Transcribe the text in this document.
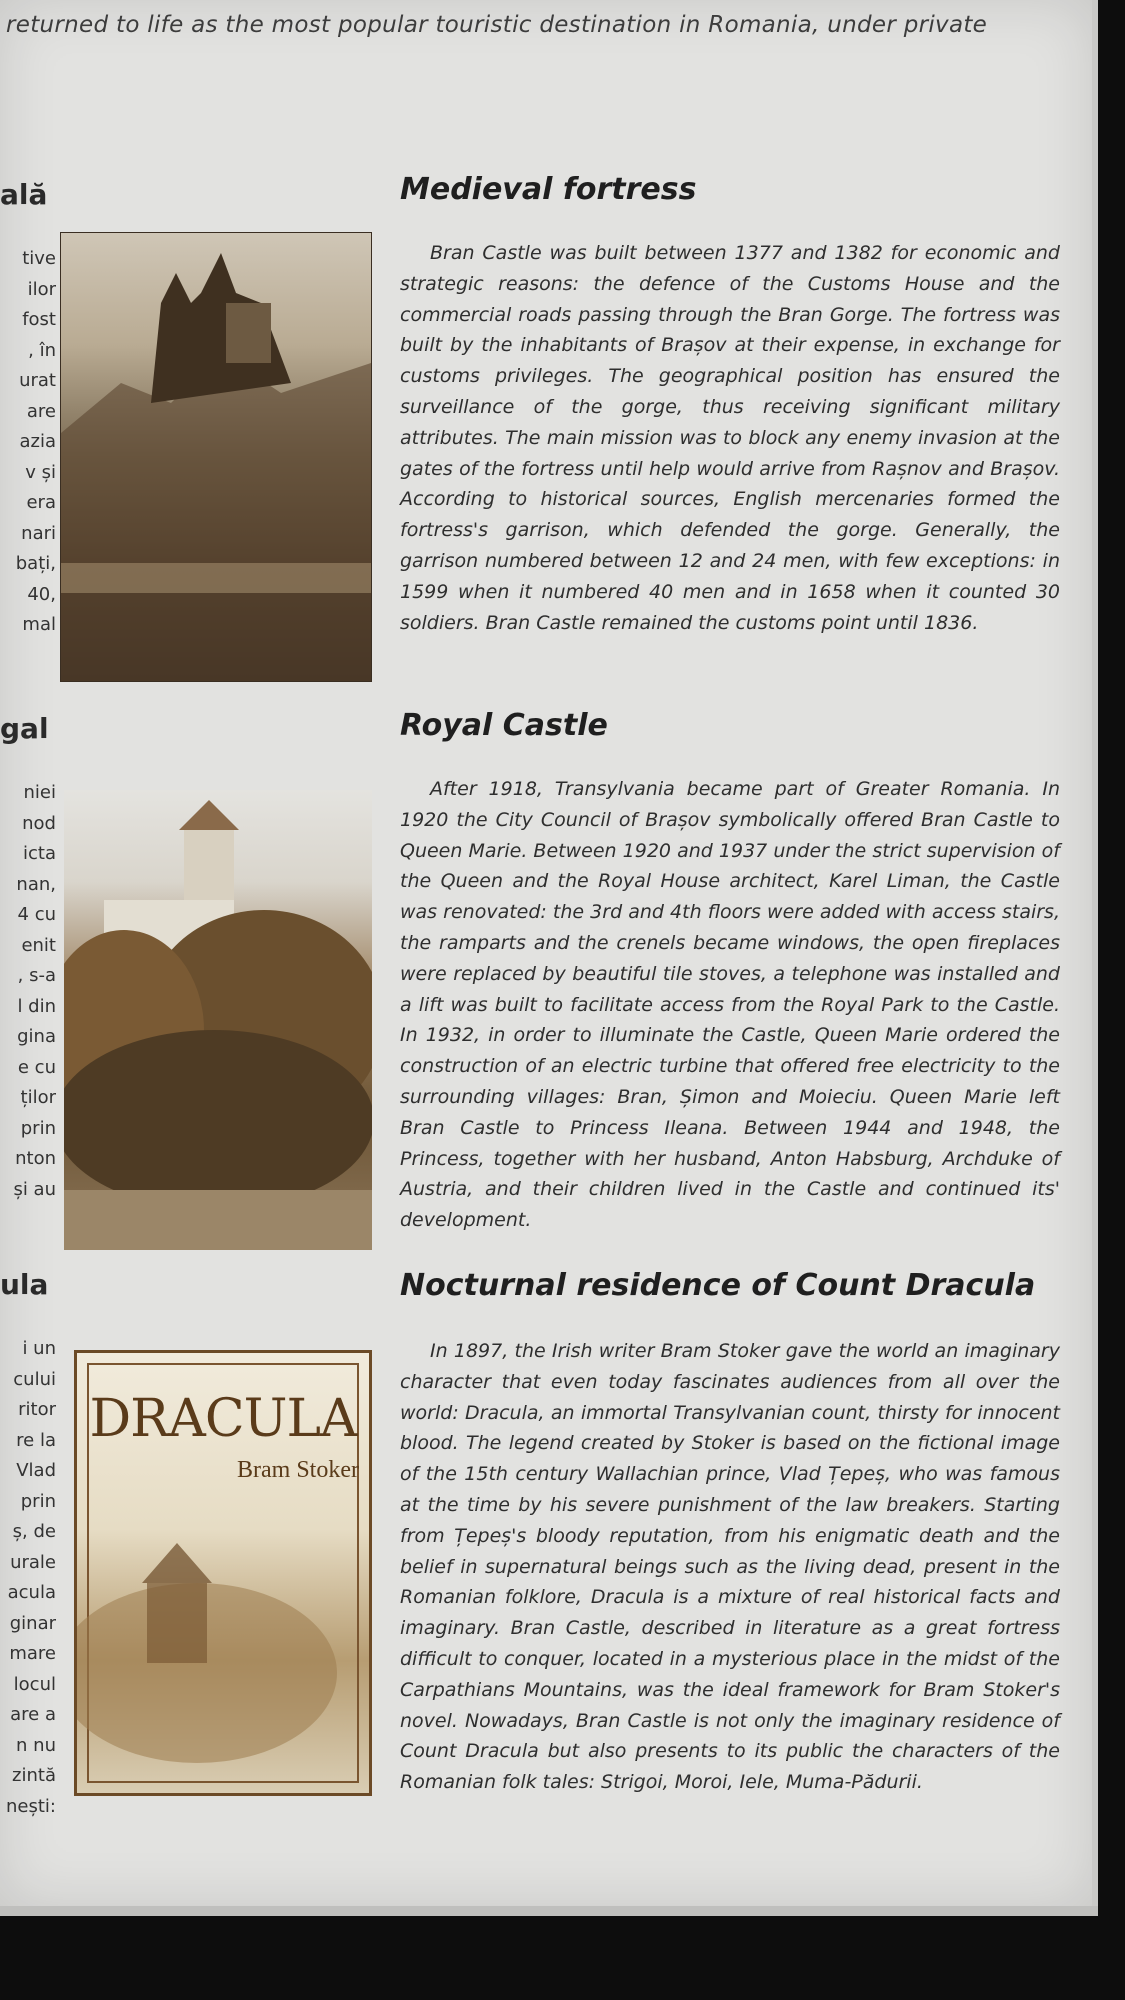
returned to life as the most popular touristic destination in Romania, under private
ală
tive
ilor
fost
, în
urat
are
azia
v și
era
nari
bați,
40,
mal
gal
niei
nod
icta
nan,
4 cu
enit
, s-a
l din
gina
e cu
ților
prin
nton
și au
ula
i un
cului
ritor
re la
Vlad
prin
ș, de
urale
acula
ginar
mare
locul
are a
n nu
zintă
nești:
DRACULA
Bram Stoker
Medieval fortress
Bran Castle was built between 1377 and 1382 for economic and strategic reasons: the defence of the Customs House and the commercial roads passing through the Bran Gorge. The fortress was built by the inhabitants of Brașov at their expense, in exchange for customs privileges. The geographical position has ensured the surveillance of the gorge, thus receiving significant military attributes. The main mission was to block any enemy invasion at the gates of the fortress until help would arrive from Rașnov and Brașov. According to historical sources, English mercenaries formed the fortress's garrison, which defended the gorge. Generally, the garrison numbered between 12 and 24 men, with few exceptions: in 1599 when it numbered 40 men and in 1658 when it counted 30 soldiers. Bran Castle remained the customs point until 1836.
Royal Castle
After 1918, Transylvania became part of Greater Romania. In 1920 the City Council of Brașov symbolically offered Bran Castle to Queen Marie. Between 1920 and 1937 under the strict supervision of the Queen and the Royal House architect, Karel Liman, the Castle was renovated: the 3rd and 4th floors were added with access stairs, the ramparts and the crenels became windows, the open fireplaces were replaced by beautiful tile stoves, a telephone was installed and a lift was built to facilitate access from the Royal Park to the Castle. In 1932, in order to illuminate the Castle, Queen Marie ordered the construction of an electric turbine that offered free electricity to the surrounding villages: Bran, Șimon and Moieciu. Queen Marie left Bran Castle to Princess Ileana. Between 1944 and 1948, the Princess, together with her husband, Anton Habsburg, Archduke of Austria, and their children lived in the Castle and continued its' development.
Nocturnal residence of Count Dracula
In 1897, the Irish writer Bram Stoker gave the world an imaginary character that even today fascinates audiences from all over the world: Dracula, an immortal Transylvanian count, thirsty for innocent blood. The legend created by Stoker is based on the fictional image of the 15th century Wallachian prince, Vlad Țepeș, who was famous at the time by his severe punishment of the law breakers. Starting from Țepeș's bloody reputation, from his enigmatic death and the belief in supernatural beings such as the living dead, present in the Romanian folklore, Dracula is a mixture of real historical facts and imaginary. Bran Castle, described in literature as a great fortress difficult to conquer, located in a mysterious place in the midst of the Carpathians Mountains, was the ideal framework for Bram Stoker's novel. Nowadays, Bran Castle is not only the imaginary residence of Count Dracula but also presents to its public the characters of the Romanian folk tales: Strigoi, Moroi, Iele, Muma-Pădurii.
